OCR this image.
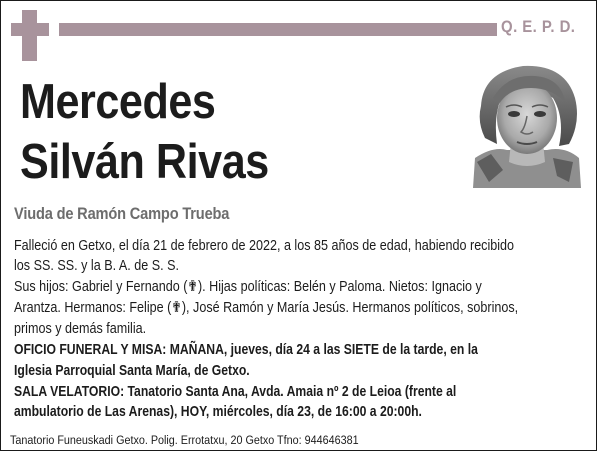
Q. E. P. D.
Mercedes
Silván Rivas
Viuda de Ramón Campo Trueba
Falleció en Getxo, el día 21 de febrero de 2022, a los 85 años de edad, habiendo recibido
los SS. SS. y la B. A. de S. S.
Sus hijos: Gabriel y Fernando (✟). Hijas políticas: Belén y Paloma. Nietos: Ignacio y
Arantza. Hermanos: Felipe (✟), José Ramón y María Jesús. Hermanos políticos, sobrinos,
primos y demás familia.
OFICIO FUNERAL Y MISA: MAÑANA, jueves, día 24 a las SIETE de la tarde, en la
Iglesia Parroquial Santa María, de Getxo.
SALA VELATORIO: Tanatorio Santa Ana, Avda. Amaia nº 2 de Leioa (frente al
ambulatorio de Las Arenas), HOY, miércoles, día 23, de 16:00 a 20:00h.
Tanatorio Funeuskadi Getxo. Polig. Errotatxu, 20 Getxo Tfno: 944646381
